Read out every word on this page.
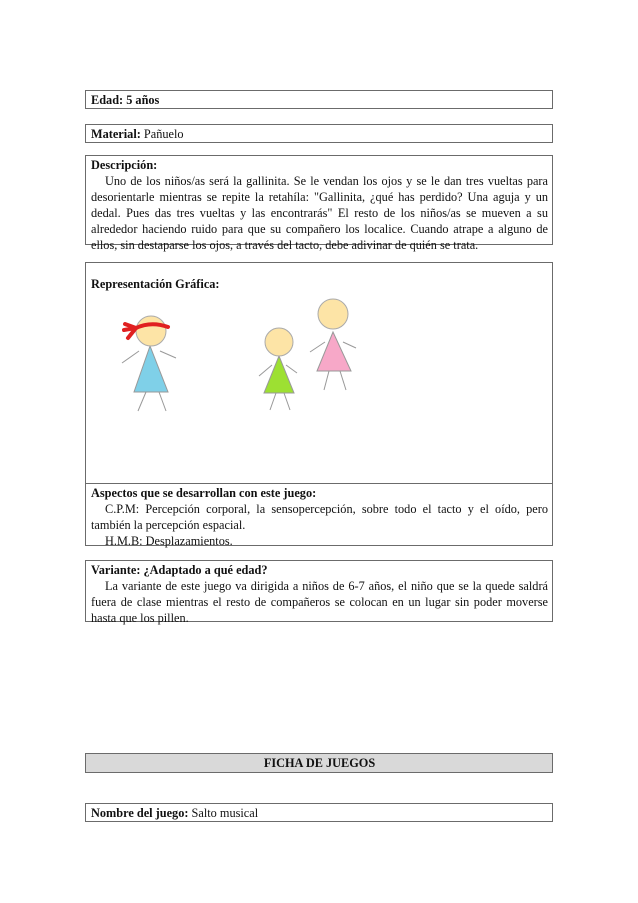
Edad: 5 años
Material: Pañuelo
Descripción:
Uno de los niños/as será la gallinita. Se le vendan los ojos y se le dan tres vueltas para desorientarle mientras se repite la retahíla: "Gallinita, ¿qué has perdido? Una aguja y un dedal. Pues das tres vueltas y las encontrarás" El resto de los niños/as se mueven a su alrededor haciendo ruido para que su compañero los localice. Cuando atrape a alguno de ellos, sin destaparse los ojos, a través del tacto, debe adivinar de quién se trata.
Representación Gráfica:
Aspectos que se desarrollan con este juego:
C.P.M: Percepción corporal, la sensopercepción, sobre todo el tacto y el oído, pero también la percepción espacial.
H.M.B: Desplazamientos.
Variante: ¿Adaptado a qué edad?
La variante de este juego va dirigida a niños de 6-7 años, el niño que se la quede saldrá fuera de clase mientras el resto de compañeros se colocan en un lugar sin poder moverse hasta que los pillen.
FICHA DE JUEGOS
Nombre del juego: Salto musical
